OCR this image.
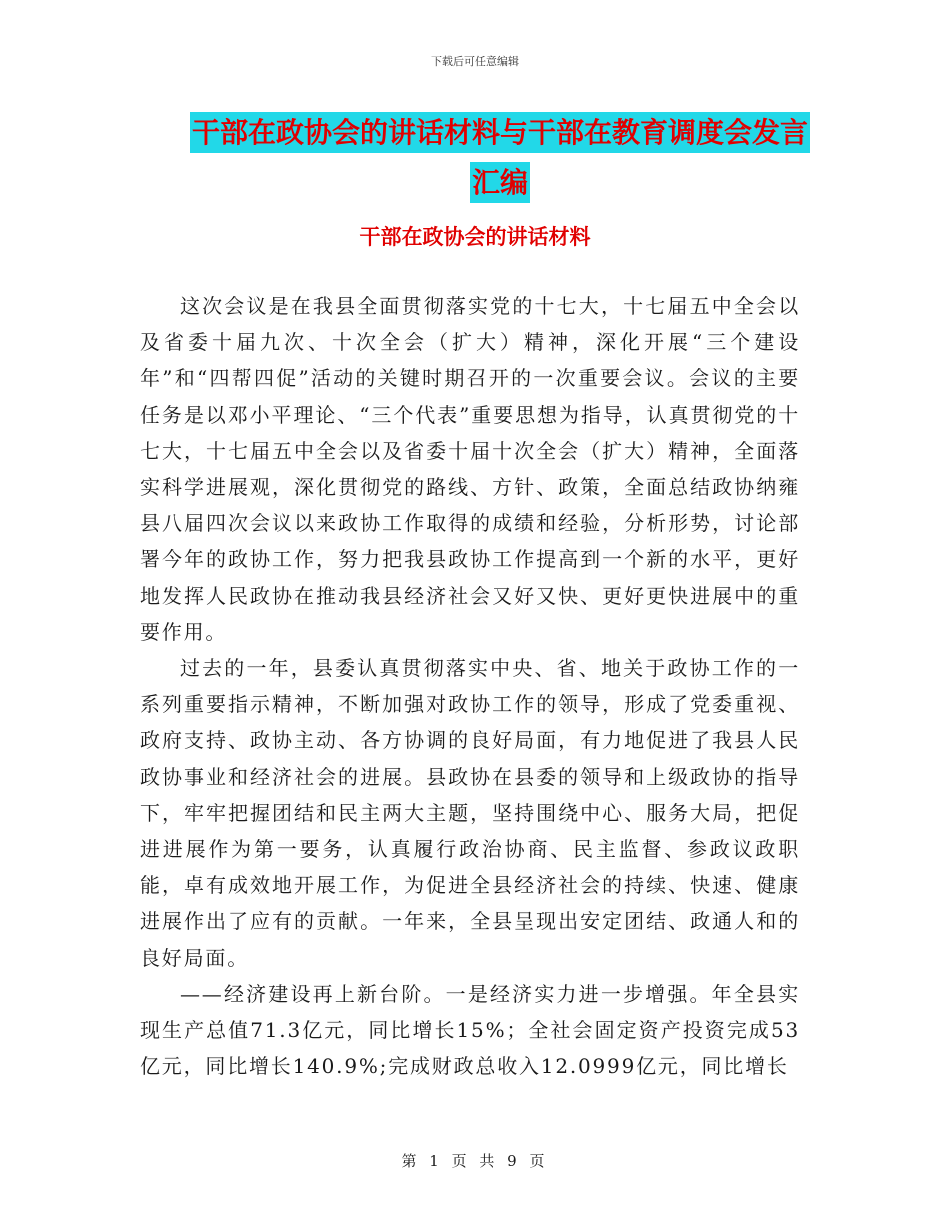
下载后可任意编辑
干部在政协会的讲话材料与干部在教育调度会发言汇编
干部在政协会的讲话材料

这次会议是在我县全面贯彻落实党的十七大，十七届五中全会以及省委十届九次、十次全会（扩大）精神，深化开展“三个建设年”和“四帮四促”活动的关键时期召开的一次重要会议。会议的主要任务是以邓小平理论、“三个代表”重要思想为指导，认真贯彻党的十七大，十七届五中全会以及省委十届十次全会（扩大）精神，全面落实科学进展观，深化贯彻党的路线、方针、政策，全面总结政协纳雍县八届四次会议以来政协工作取得的成绩和经验，分析形势，讨论部署今年的政协工作，努力把我县政协工作提高到一个新的水平，更好地发挥人民政协在推动我县经济社会又好又快、更好更快进展中的重要作用。

过去的一年，县委认真贯彻落实中央、省、地关于政协工作的一系列重要指示精神，不断加强对政协工作的领导，形成了党委重视、政府支持、政协主动、各方协调的良好局面，有力地促进了我县人民政协事业和经济社会的进展。县政协在县委的领导和上级政协的指导下，牢牢把握团结和民主两大主题，坚持围绕中心、服务大局，把促进进展作为第一要务，认真履行政治协商、民主监督、参政议政职能，卓有成效地开展工作，为促进全县经济社会的持续、快速、健康进展作出了应有的贡献。一年来，全县呈现出安定团结、政通人和的良好局面。

——经济建设再上新台阶。一是经济实力进一步增强。年全县实现生产总值71.3亿元，同比增长15%；全社会固定资产投资完成53亿元，同比增长140.9%;完成财政总收入12.0999亿元，同比增长

第 1 页 共 9 页
